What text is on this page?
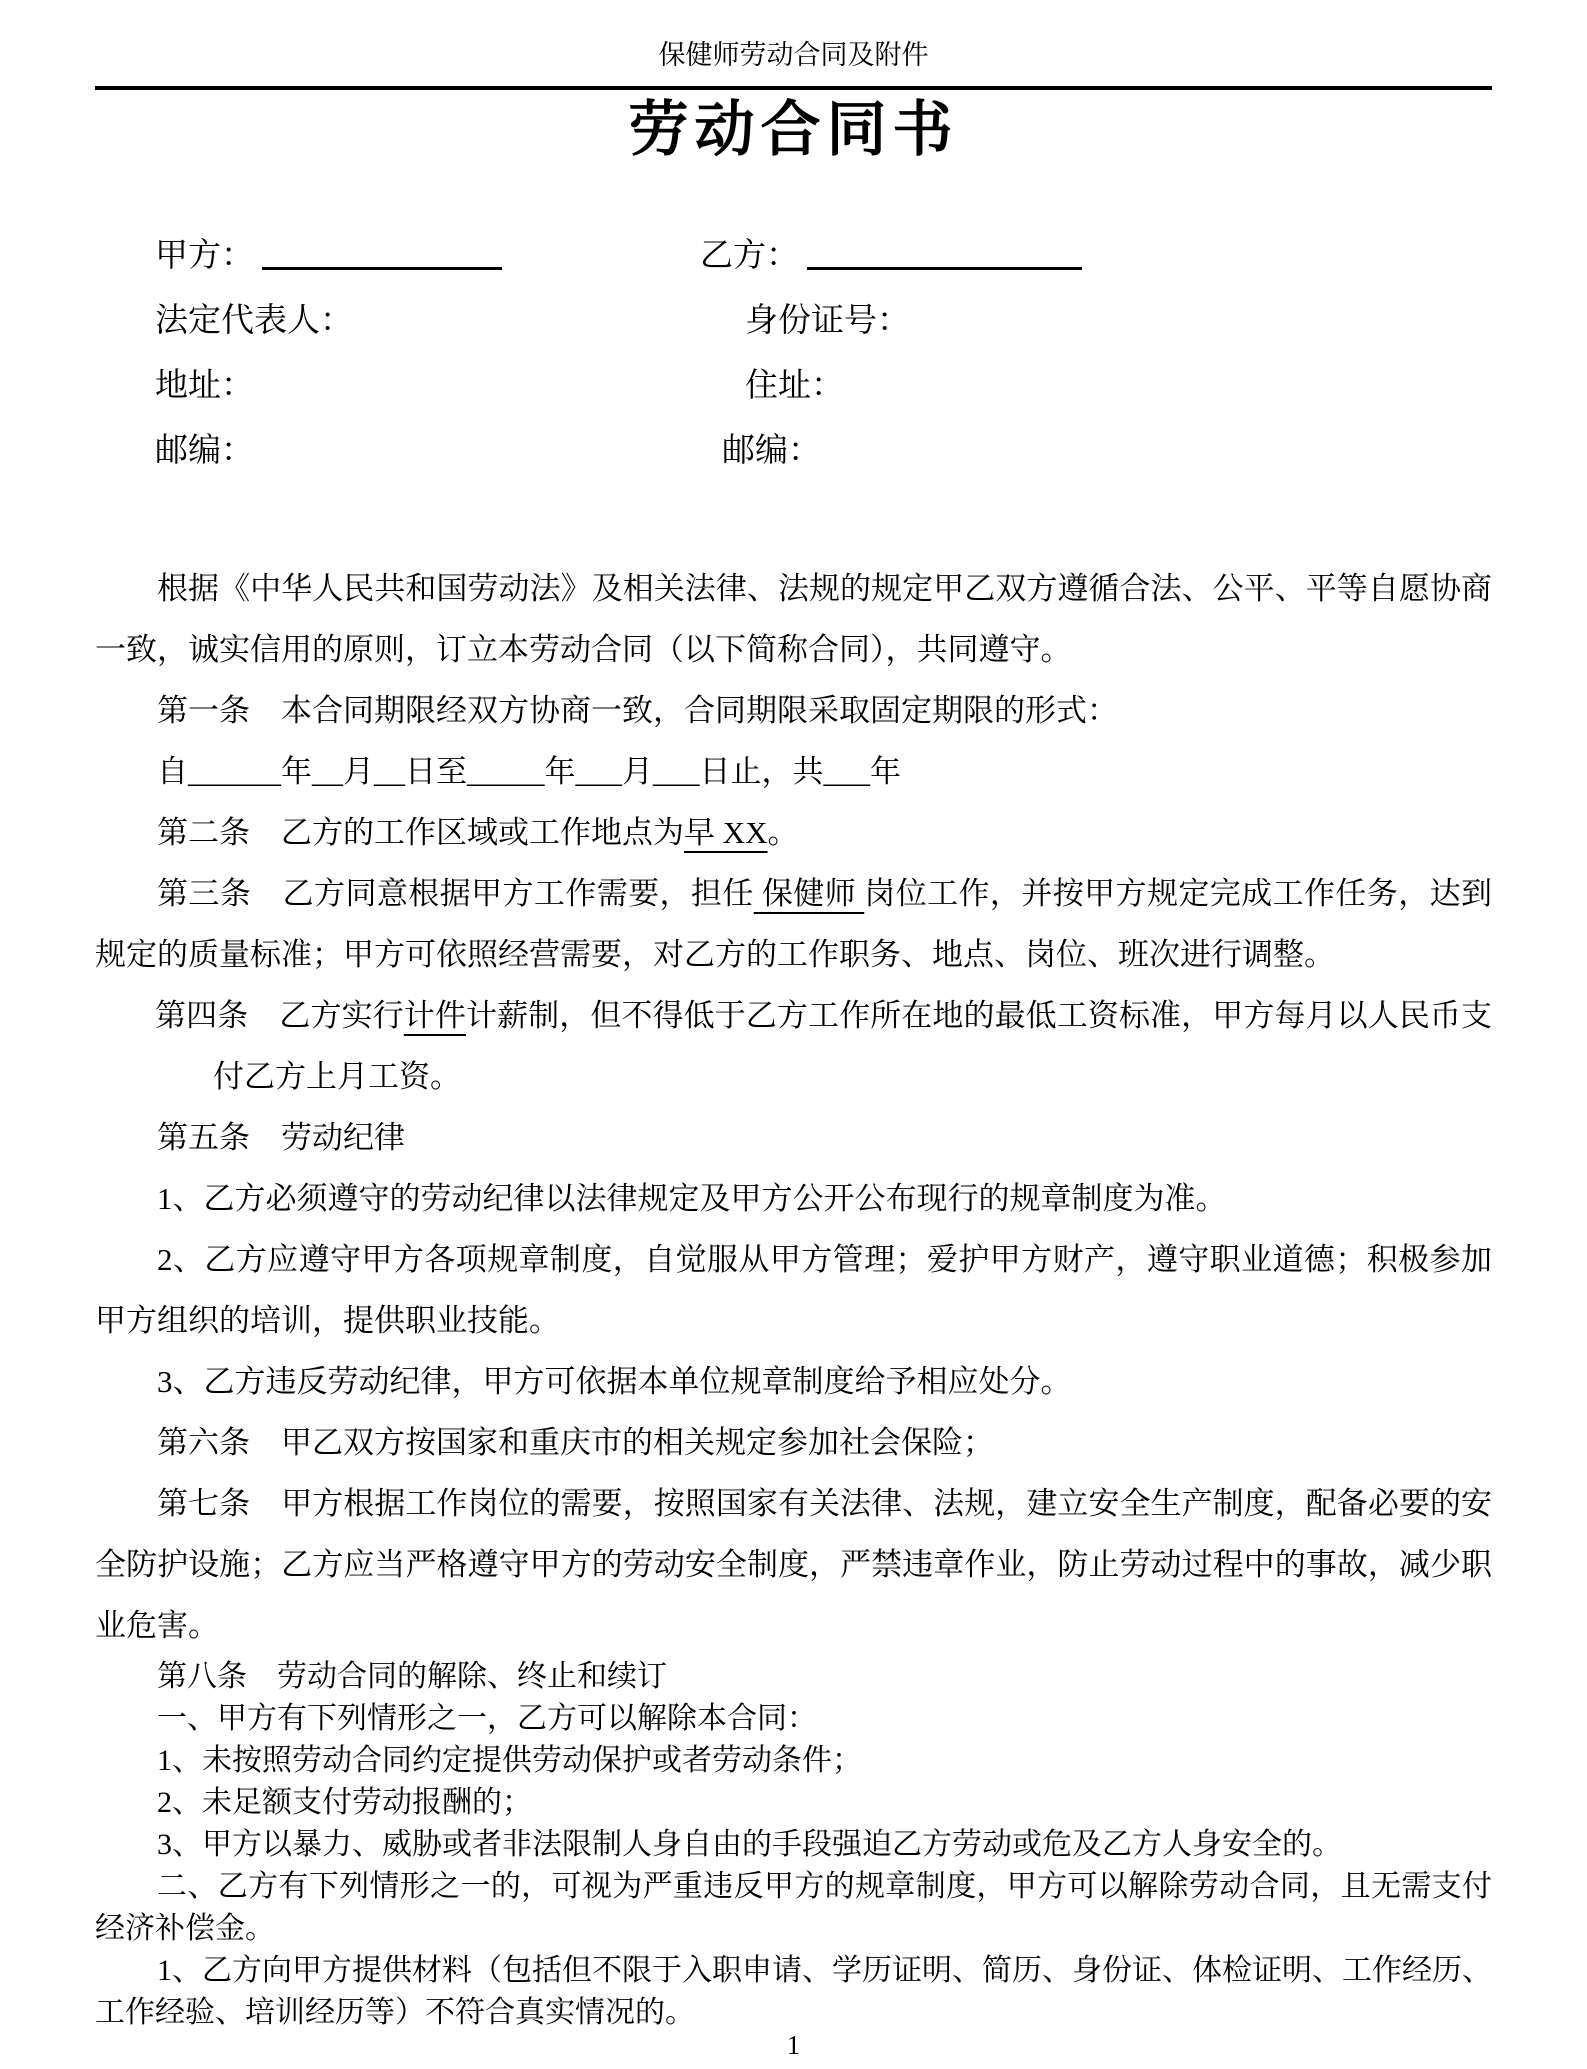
保健师劳动合同及附件
劳动合同书
甲方：	乙方：
法定代表人：	身份证号：
地址：	住址：
邮编：	邮编：

根据《中华人民共和国劳动法》及相关法律、法规的规定甲乙双方遵循合法、公平、平等自愿协商一致，诚实信用的原则，订立本劳动合同（以下简称合同），共同遵守。

第一条　本合同期限经双方协商一致，合同期限采取固定期限的形式：

自______年__月__日至_____年___月___日止，共___年

第二条　乙方的工作区域或工作地点为早 XX。

第三条　乙方同意根据甲方工作需要，担任 保健师 岗位工作，并按甲方规定完成工作任务，达到规定的质量标准；甲方可依照经营需要，对乙方的工作职务、地点、岗位、班次进行调整。

第四条　乙方实行计件计薪制，但不得低于乙方工作所在地的最低工资标准，甲方每月以人民币支付乙方上月工资。

第五条　劳动纪律

1、乙方必须遵守的劳动纪律以法律规定及甲方公开公布现行的规章制度为准。

2、乙方应遵守甲方各项规章制度，自觉服从甲方管理；爱护甲方财产，遵守职业道德；积极参加甲方组织的培训，提供职业技能。

3、乙方违反劳动纪律，甲方可依据本单位规章制度给予相应处分。

第六条　甲乙双方按国家和重庆市的相关规定参加社会保险；

第七条　甲方根据工作岗位的需要，按照国家有关法律、法规，建立安全生产制度，配备必要的安全防护设施；乙方应当严格遵守甲方的劳动安全制度，严禁违章作业，防止劳动过程中的事故，减少职业危害。

第八条　劳动合同的解除、终止和续订

一、甲方有下列情形之一，乙方可以解除本合同：

1、未按照劳动合同约定提供劳动保护或者劳动条件；

2、未足额支付劳动报酬的；

3、甲方以暴力、威胁或者非法限制人身自由的手段强迫乙方劳动或危及乙方人身安全的。

二、乙方有下列情形之一的，可视为严重违反甲方的规章制度，甲方可以解除劳动合同，且无需支付经济补偿金。

1、乙方向甲方提供材料（包括但不限于入职申请、学历证明、简历、身份证、体检证明、工作经历、工作经验、培训经历等）不符合真实情况的。

1
